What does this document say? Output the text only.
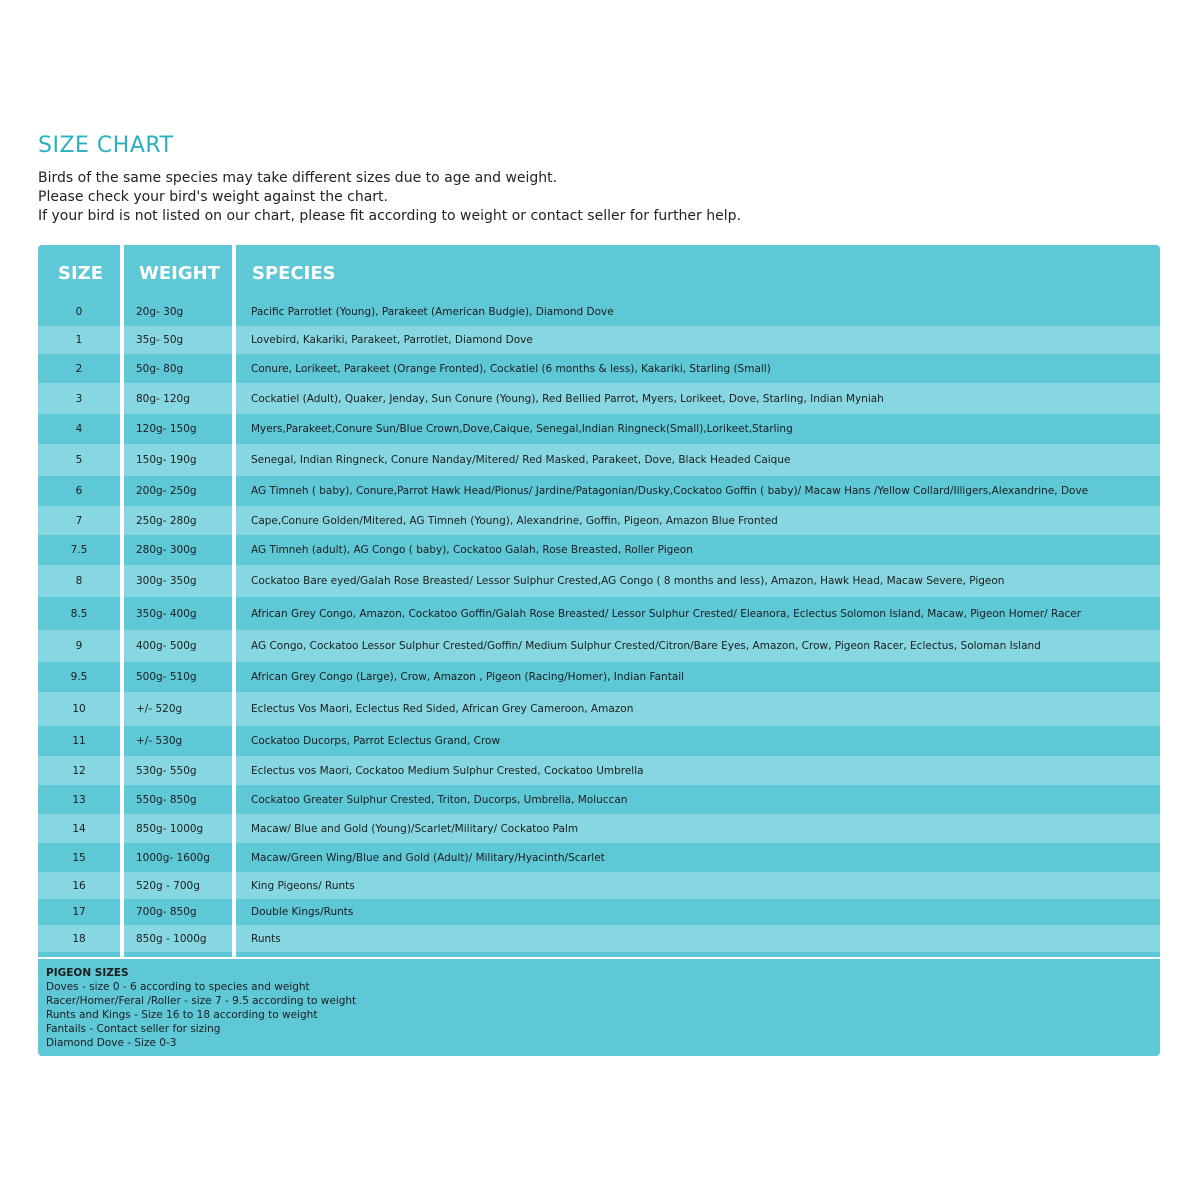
SIZE CHART
Birds of the same species may take different sizes due to age and weight.
Please check your bird's weight against the chart.
If your bird is not listed on our chart, please fit according to weight or contact seller for further help.
SIZE WEIGHT SPECIES
0	20g- 30g	Pacific Parrotlet (Young), Parakeet (American Budgie), Diamond Dove
1	35g- 50g	Lovebird, Kakariki, Parakeet, Parrotlet, Diamond Dove
2	50g- 80g	Conure, Lorikeet, Parakeet (Orange Fronted), Cockatiel (6 months & less), Kakariki, Starling (Small)
3	80g- 120g	Cockatiel (Adult), Quaker, Jenday, Sun Conure (Young), Red Bellied Parrot, Myers, Lorikeet, Dove, Starling, Indian Myniah
4	120g- 150g	Myers,Parakeet,Conure Sun/Blue Crown,Dove,Caique, Senegal,Indian Ringneck(Small),Lorikeet,Starling
5	150g- 190g	Senegal, Indian Ringneck, Conure Nanday/Mitered/ Red Masked, Parakeet, Dove, Black Headed Caique
6	200g- 250g	AG Timneh ( baby), Conure,Parrot Hawk Head/Pionus/ Jardine/Patagonian/Dusky,Cockatoo Goffin ( baby)/ Macaw Hans /Yellow Collard/Illigers,Alexandrine, Dove
7	250g- 280g	Cape,Conure Golden/Mitered, AG Timneh (Young), Alexandrine, Goffin, Pigeon, Amazon Blue Fronted
7.5	280g- 300g	AG Timneh (adult), AG Congo ( baby), Cockatoo Galah, Rose Breasted, Roller Pigeon
8	300g- 350g	Cockatoo Bare eyed/Galah Rose Breasted/ Lessor Sulphur Crested,AG Congo ( 8 months and less), Amazon, Hawk Head, Macaw Severe, Pigeon
8.5	350g- 400g	African Grey Congo, Amazon, Cockatoo Goffin/Galah Rose Breasted/ Lessor Sulphur Crested/ Eleanora, Eclectus Solomon Island, Macaw, Pigeon Homer/ Racer
9	400g- 500g	AG Congo, Cockatoo Lessor Sulphur Crested/Goffin/ Medium Sulphur Crested/Citron/Bare Eyes, Amazon, Crow, Pigeon Racer, Eclectus, Soloman Island
9.5	500g- 510g	African Grey Congo (Large), Crow, Amazon , Pigeon (Racing/Homer), Indian Fantail
10	+/- 520g	Eclectus Vos Maori, Eclectus Red Sided, African Grey Cameroon, Amazon
11	+/- 530g	Cockatoo Ducorps, Parrot Eclectus Grand, Crow
12	530g- 550g	Eclectus vos Maori, Cockatoo Medium Sulphur Crested, Cockatoo Umbrella
13	550g- 850g	Cockatoo Greater Sulphur Crested, Triton, Ducorps, Umbrella, Moluccan
14	850g- 1000g	Macaw/ Blue and Gold (Young)/Scarlet/Military/ Cockatoo Palm
15	1000g- 1600g	Macaw/Green Wing/Blue and Gold (Adult)/ Military/Hyacinth/Scarlet
16	520g - 700g	King Pigeons/ Runts
17	700g- 850g	Double Kings/Runts
18	850g - 1000g	Runts
PIGEON SIZES
Doves - size 0 - 6 according to species and weight
Racer/Homer/Feral /Roller - size 7 - 9.5 according to weight
Runts and Kings - Size 16 to 18 according to weight
Fantails - Contact seller for sizing
Diamond Dove - Size 0-3
